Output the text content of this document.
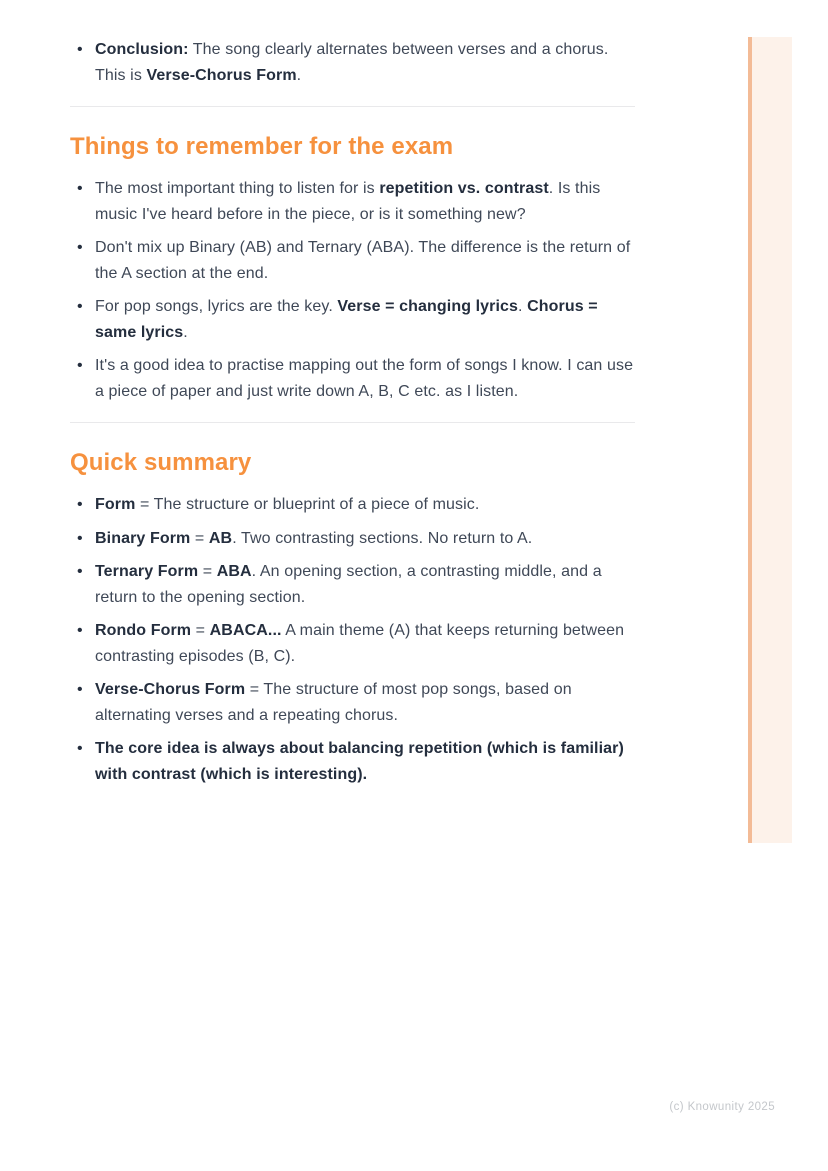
• Conclusion: The song clearly alternates between verses and a chorus. This is Verse-Chorus Form.
Things to remember for the exam
• The most important thing to listen for is repetition vs. contrast. Is this music I've heard before in the piece, or is it something new?
• Don't mix up Binary (AB) and Ternary (ABA). The difference is the return of the A section at the end.
• For pop songs, lyrics are the key. Verse = changing lyrics. Chorus = same lyrics.
• It's a good idea to practise mapping out the form of songs I know. I can use a piece of paper and just write down A, B, C etc. as I listen.
Quick summary
• Form = The structure or blueprint of a piece of music.
• Binary Form = AB. Two contrasting sections. No return to A.
• Ternary Form = ABA. An opening section, a contrasting middle, and a return to the opening section.
• Rondo Form = ABACA... A main theme (A) that keeps returning between contrasting episodes (B, C).
• Verse-Chorus Form = The structure of most pop songs, based on alternating verses and a repeating chorus.
• The core idea is always about balancing repetition (which is familiar) with contrast (which is interesting).
(c) Knowunity 2025
